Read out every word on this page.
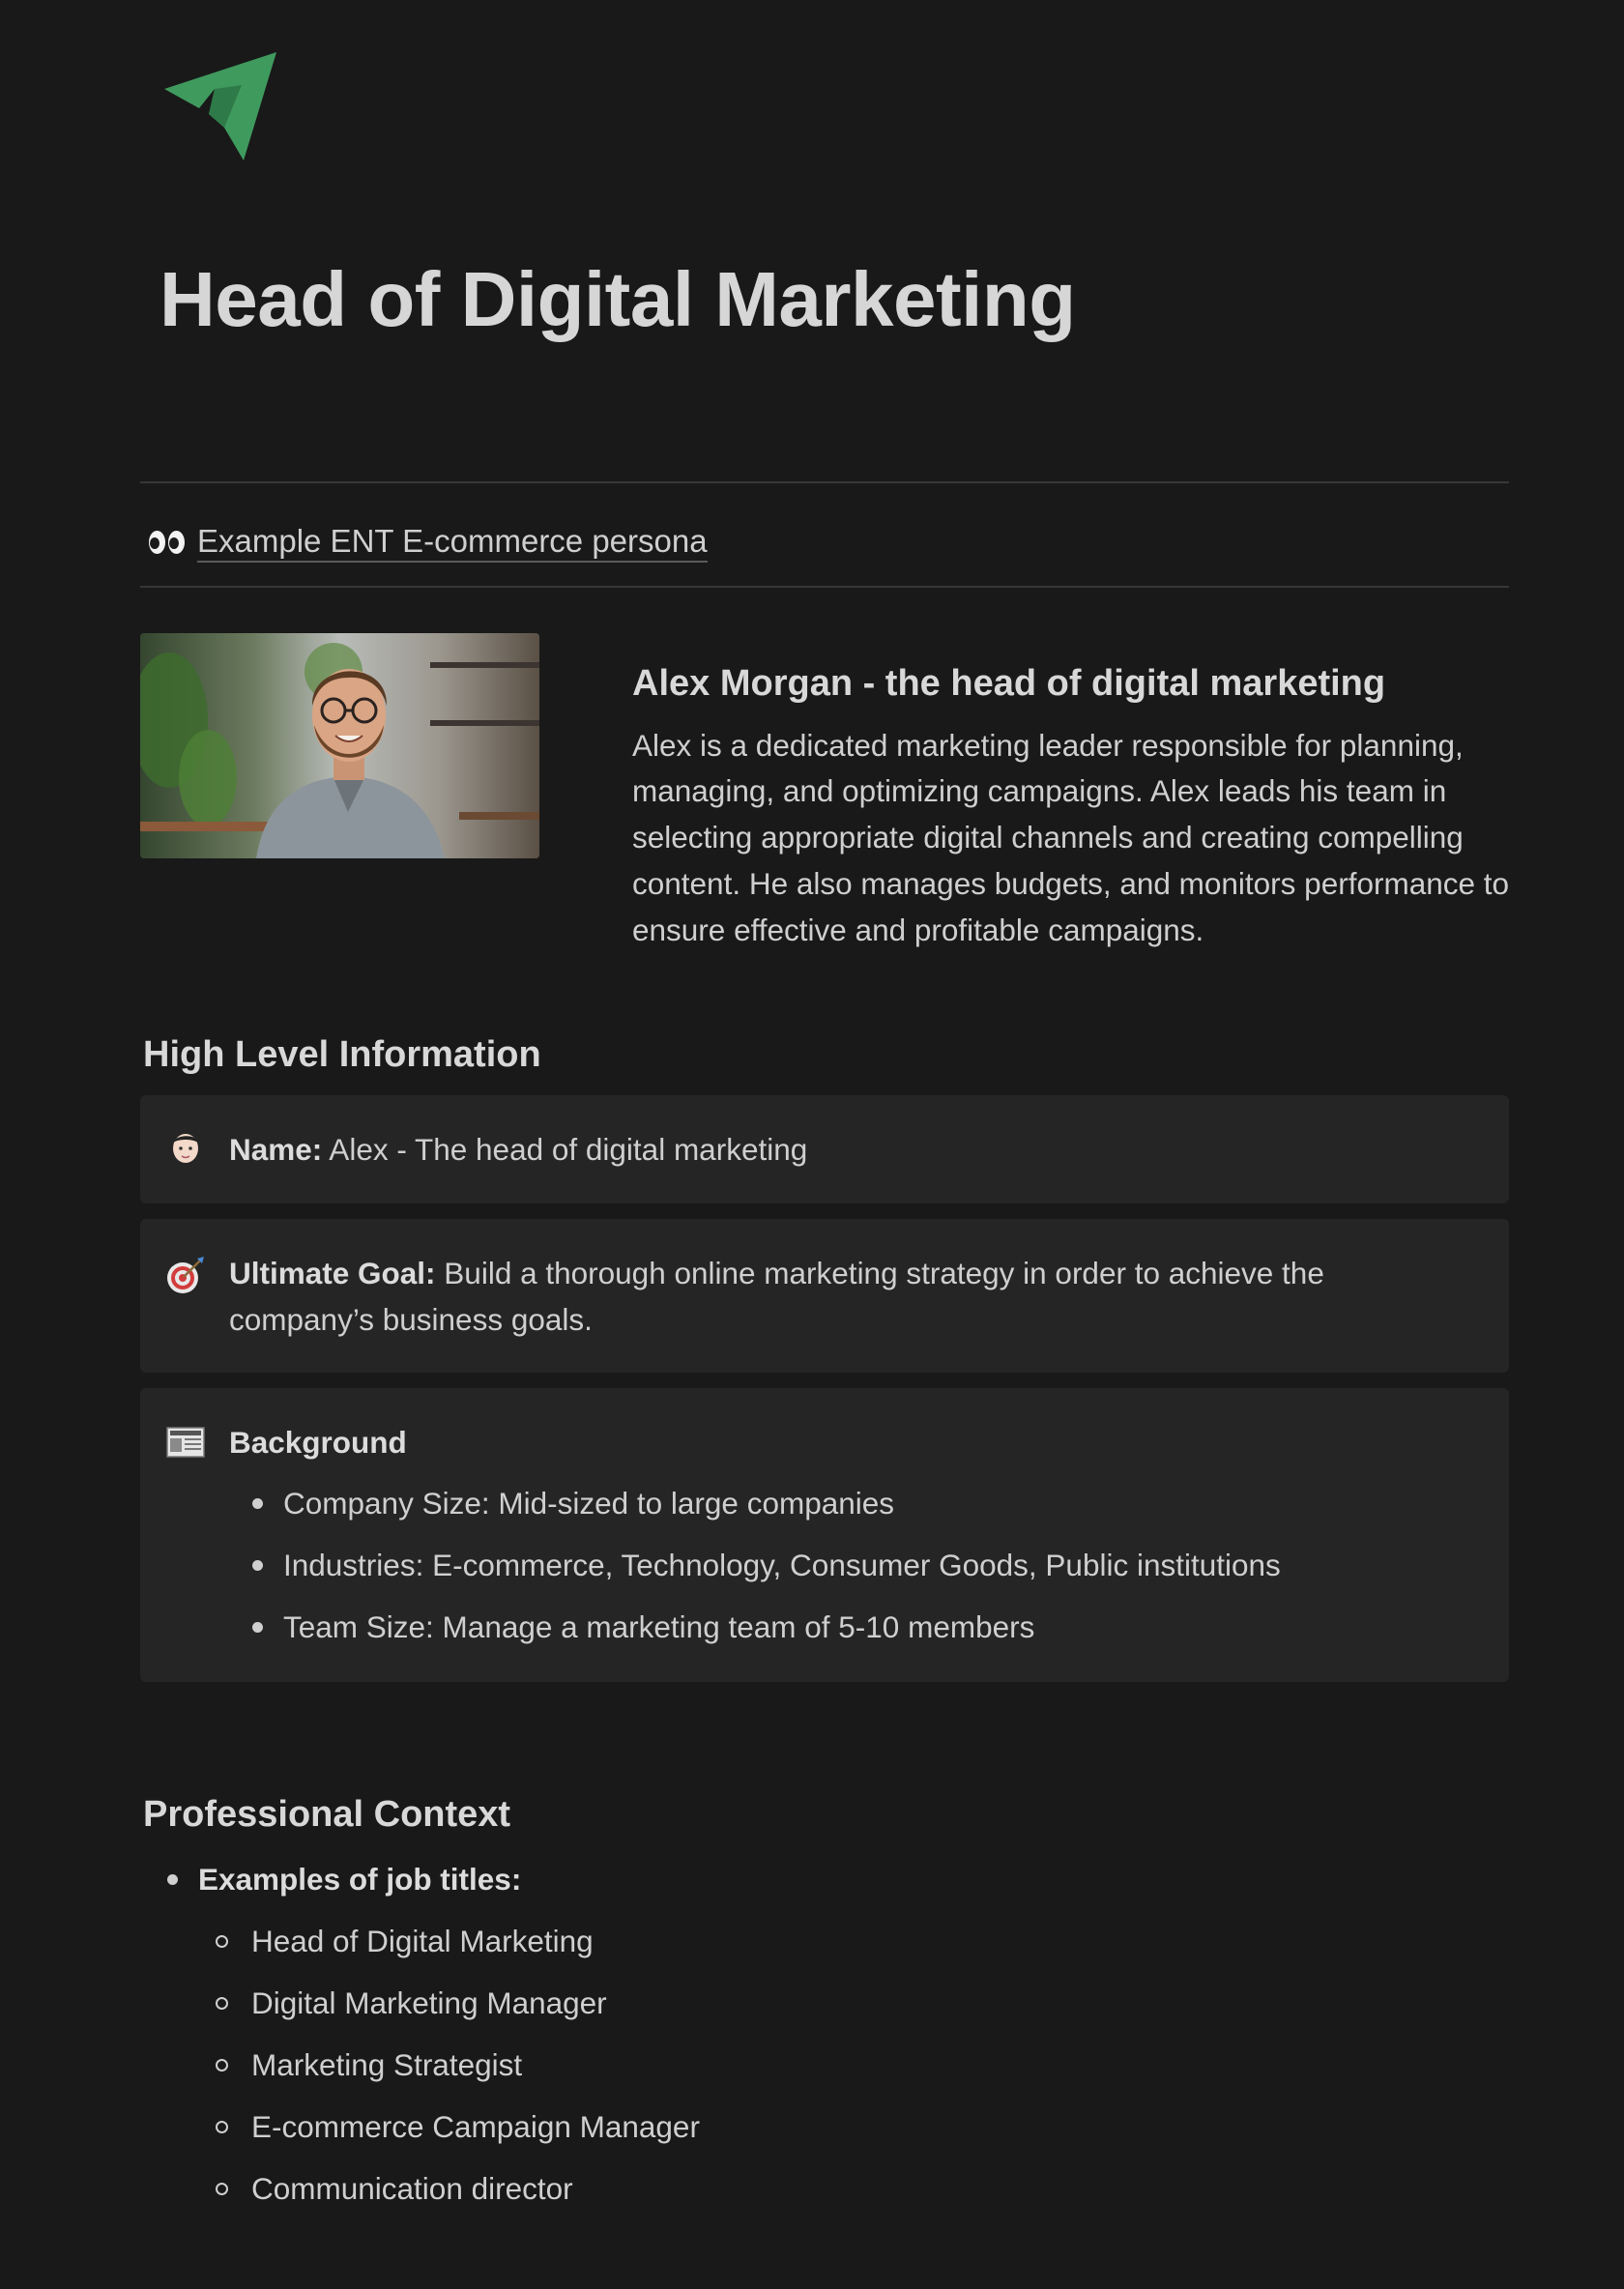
Head of Digital Marketing
Example ENT E-commerce persona
Alex Morgan - the head of digital marketing

Alex is a dedicated marketing leader responsible for planning, managing, and optimizing campaigns. Alex leads his team in selecting appropriate digital channels and creating compelling content. He also manages budgets, and monitors performance to ensure effective and profitable campaigns.

High Level Information
Name: Alex - The head of digital marketing
Ultimate Goal: Build a thorough online marketing strategy in order to achieve the company’s business goals.
Background
Company Size: Mid-sized to large companies
Industries: E-commerce, Technology, Consumer Goods, Public institutions
Team Size: Manage a marketing team of 5-10 members
Professional Context
Examples of job titles:
Head of Digital Marketing
Digital Marketing Manager
Marketing Strategist
E-commerce Campaign Manager
Communication director
